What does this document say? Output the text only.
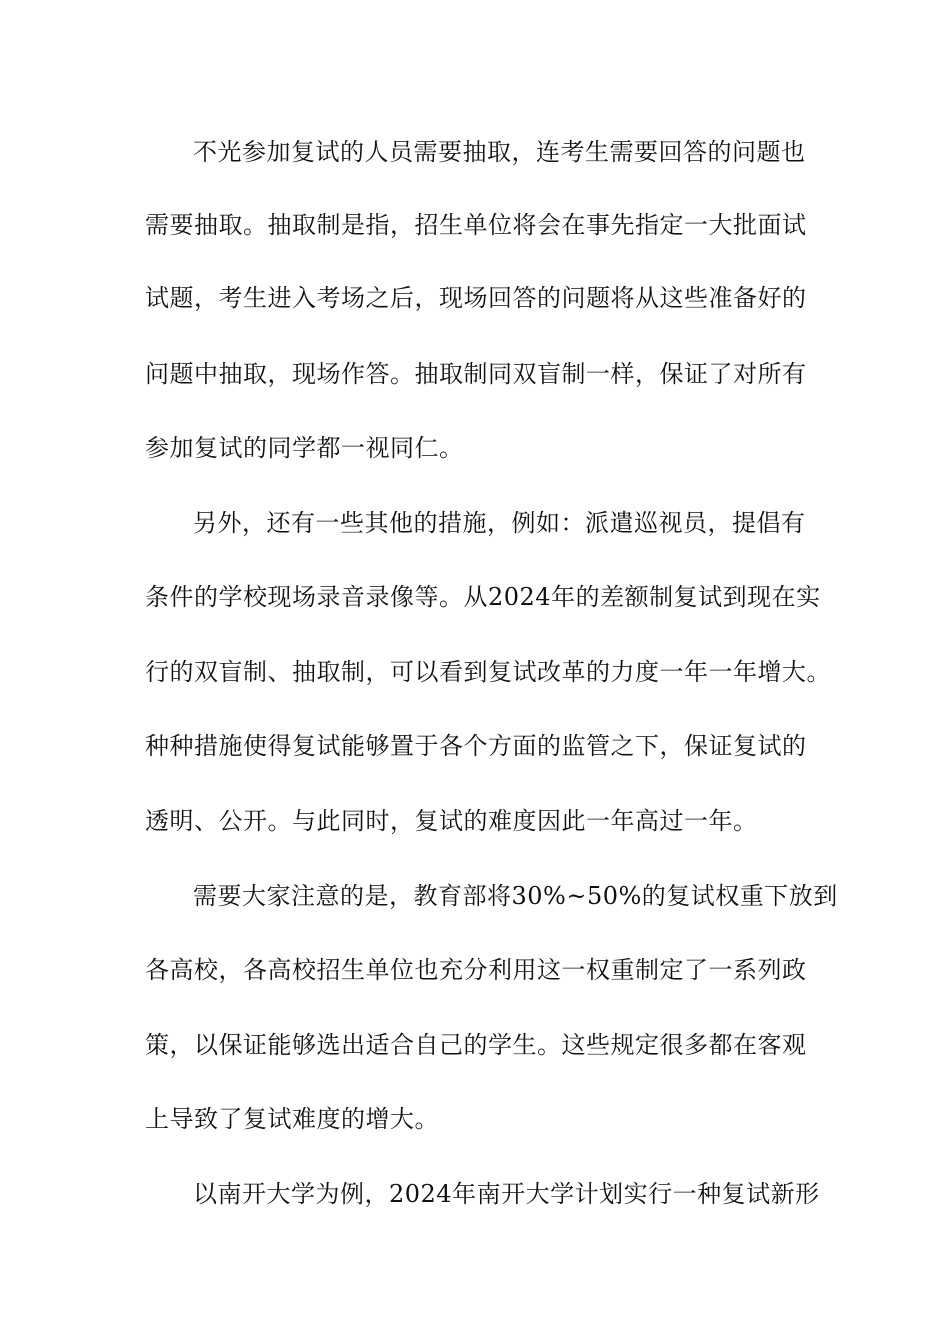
不光参加复试的人员需要抽取，连考生需要回答的问题也
需要抽取。抽取制是指，招生单位将会在事先指定一大批面试
试题，考生进入考场之后，现场回答的问题将从这些准备好的
问题中抽取，现场作答。抽取制同双盲制一样，保证了对所有
参加复试的同学都一视同仁。
另外，还有一些其他的措施，例如：派遣巡视员，提倡有
条件的学校现场录音录像等。从2024年的差额制复试到现在实
行的双盲制、抽取制，可以看到复试改革的力度一年一年增大。
种种措施使得复试能够置于各个方面的监管之下，保证复试的
透明、公开。与此同时，复试的难度因此一年高过一年。
需要大家注意的是，教育部将30%~50%的复试权重下放到
各高校，各高校招生单位也充分利用这一权重制定了一系列政
策，以保证能够选出适合自己的学生。这些规定很多都在客观
上导致了复试难度的增大。
以南开大学为例，2024年南开大学计划实行一种复试新形
